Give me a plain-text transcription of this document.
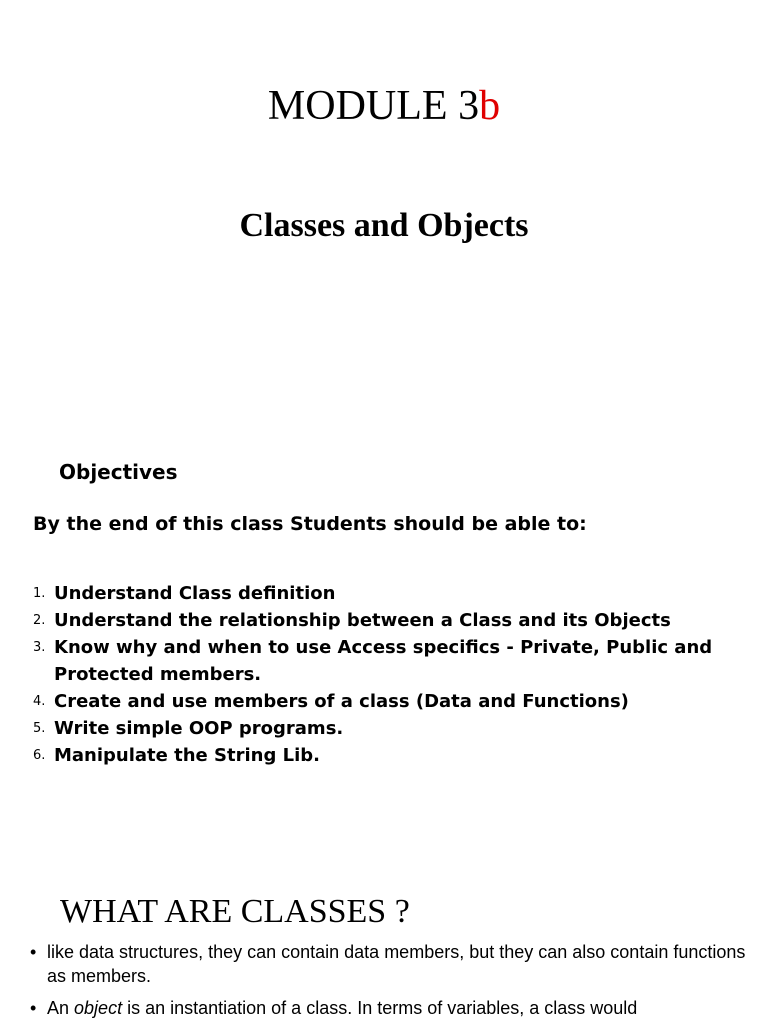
MODULE 3b
Classes and Objects
Objectives
By the end of this class Students should be able to:
1. Understand Class definition
2. Understand the relationship between a Class and its Objects
3. Know why and when to use Access specifics - Private, Public and Protected members.
4. Create and use members of a class (Data and Functions)
5. Write simple OOP programs.
6. Manipulate the String Lib.
WHAT ARE CLASSES ?
• like data structures, they can contain data members, but they can also contain functions as members.
• An object is an instantiation of a class. In terms of variables, a class would
